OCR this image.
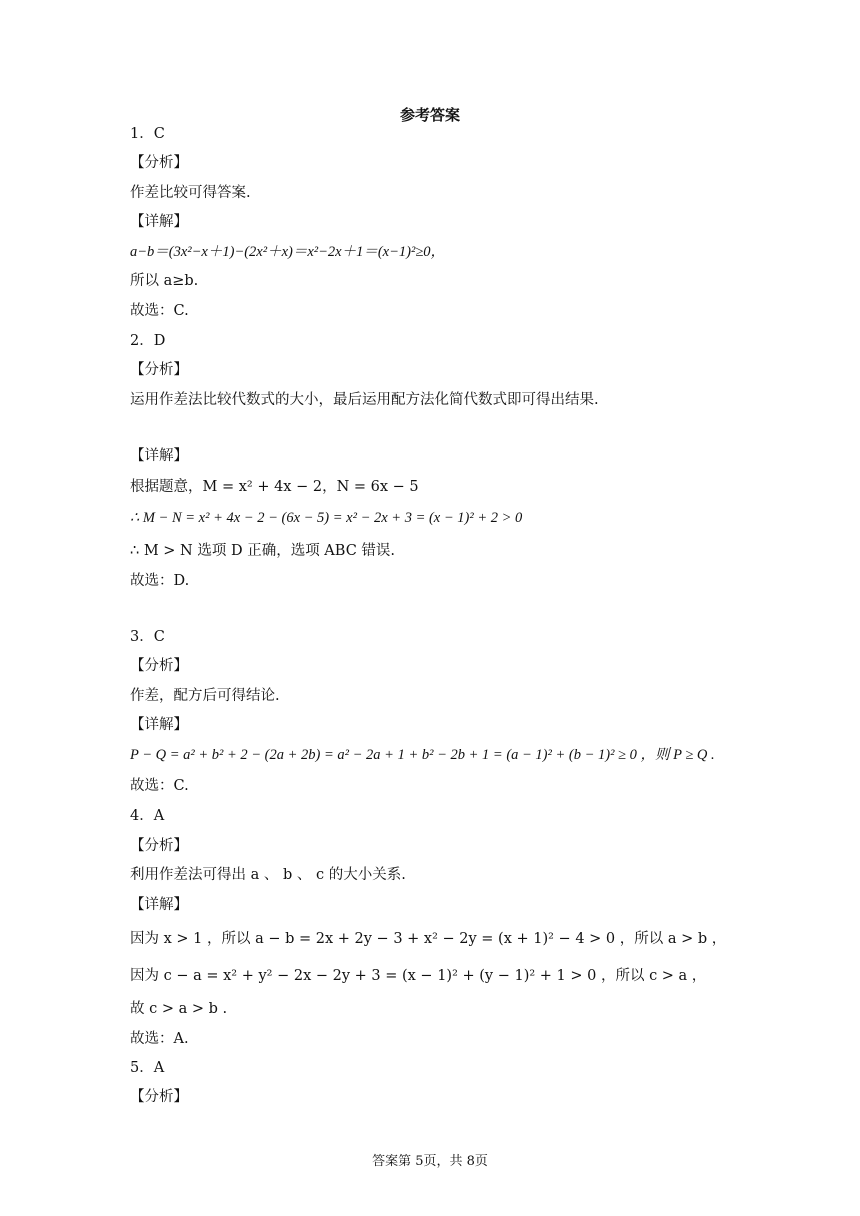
参考答案
1．C
【分析】
作差比较可得答案.
【详解】
a−b＝(3x²−x＋1)−(2x²＋x)＝x²−2x＋1＝(x−1)²≥0，
所以 a≥b.
故选：C.
2．D
【分析】
运用作差法比较代数式的大小，最后运用配方法化简代数式即可得出结果.
【详解】
根据题意，M = x² + 4x − 2，N = 6x − 5
∴ M − N = x² + 4x − 2 − (6x − 5) = x² − 2x + 3 = (x − 1)² + 2 > 0
∴ M > N 选项 D 正确，选项 ABC 错误.
故选：D.
3．C
【分析】
作差，配方后可得结论.
【详解】
P − Q = a² + b² + 2 − (2a + 2b) = a² − 2a + 1 + b² − 2b + 1 = (a − 1)² + (b − 1)² ≥ 0 ，则 P ≥ Q .
故选：C.
4．A
【分析】
利用作差法可得出 a 、 b 、 c 的大小关系.
【详解】
因为 x > 1 ，所以 a − b = 2x + 2y − 3 + x² − 2y = (x + 1)² − 4 > 0 ，所以 a > b ，
因为 c − a = x² + y² − 2x − 2y + 3 = (x − 1)² + (y − 1)² + 1 > 0 ，所以 c > a ，
故 c > a > b .
故选：A.
5．A
【分析】
答案第 5页，共 8页
